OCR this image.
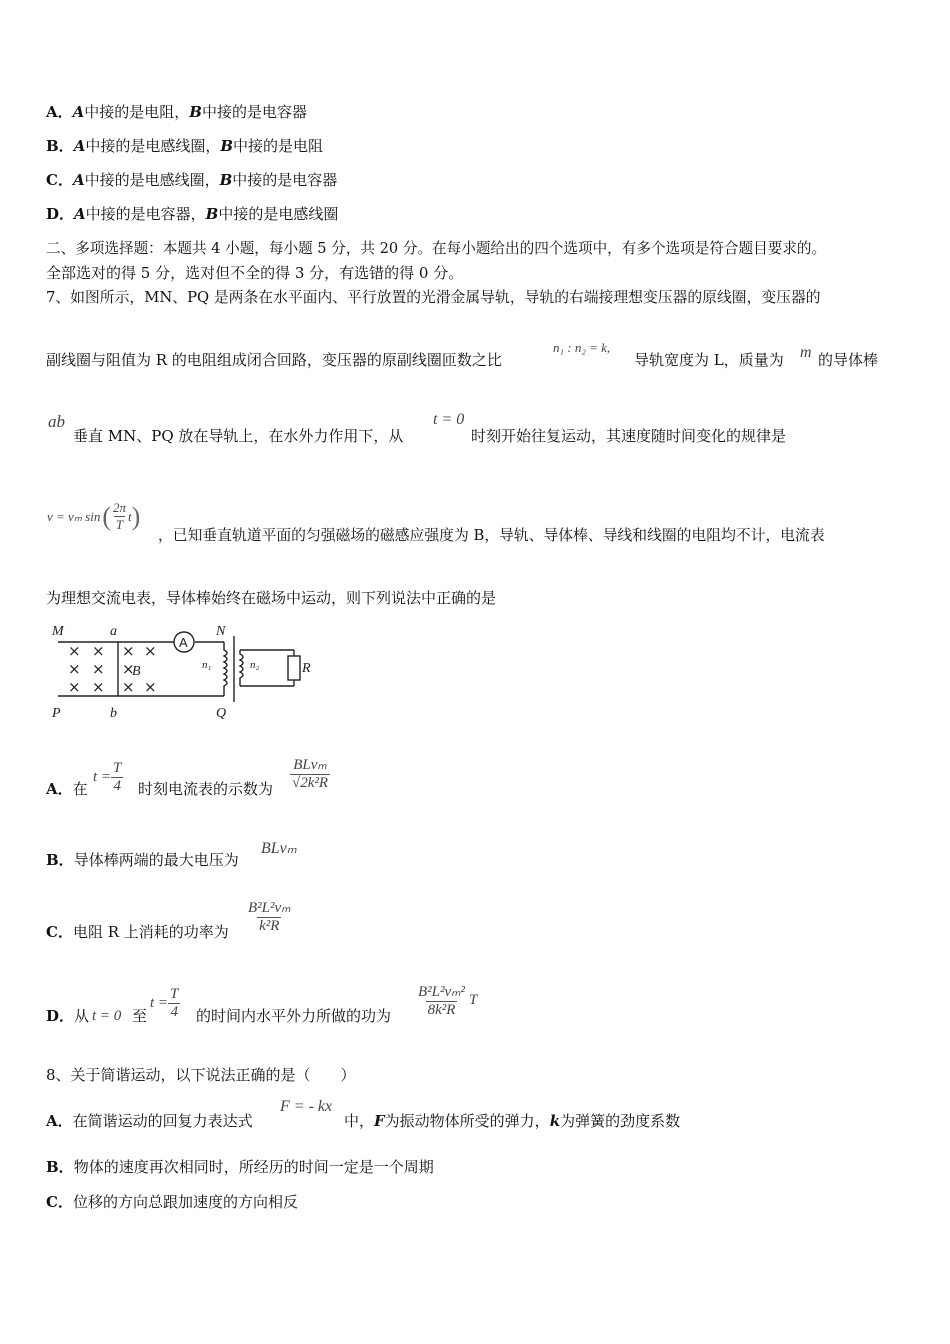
A．A中接的是电阻，B中接的是电容器
B．A中接的是电感线圈，B中接的是电阻
C．A中接的是电感线圈，B中接的是电容器
D．A中接的是电容器，B中接的是电感线圈
二、多项选择题：本题共 4 小题，每小题 5 分，共 20 分。在每小题给出的四个选项中，有多个选项是符合题目要求的。
全部选对的得 5 分，选对但不全的得 3 分，有选错的得 0 分。
7、如图所示，MN、PQ 是两条在水平面内、平行放置的光滑金属导轨，导轨的右端接理想变压器的原线圈，变压器的
副线圈与阻值为 R 的电阻组成闭合回路，变压器的原副线圈匝数之比
n₁ : n₂ = k,
导轨宽度为 L，质量为 m 的导体棒
ab
垂直 MN、PQ 放在导轨上，在水外力作用下，从
t = 0
时刻开始往复运动，其速度随时间变化的规律是
v = vₘ sin ( $\frac{2\pi}{T}$ t )
，已知垂直轨道平面的匀强磁场的磁感应强度为 B，导轨、导体棒、导线和线圈的电阻均不计，电流表
为理想交流电表，导体棒始终在磁场中运动，则下列说法中正确的是
M	a	N
P	b	Q
B	R
n₁	n₂
A
× × × ×
× × ×
× × × ×
A．在
$t = \frac{T}{4}$ 时刻电流表的示数为 $\frac{\text{BLvₘ}}{\text{√2k²R}}$
B．导体棒两端的最大电压为
BLvₘ
C．电阻 R 上消耗的功率为 $\frac{\text{B²L²vₘ}}{\text{k²R}}$
D．从 t = 0 至
$t = \frac{T}{4}$ 的时间内水平外力所做的功为 $\frac{\text{B²L²vₘ²}}{\text{8k²R}}$ T
8、关于简谐运动，以下说法正确的是（　　）
A．在简谐运动的回复力表达式
F = - kx
中，F为振动物体所受的弹力，k为弹簧的劲度系数
B．物体的速度再次相同时，所经历的时间一定是一个周期
C．位移的方向总跟加速度的方向相反
